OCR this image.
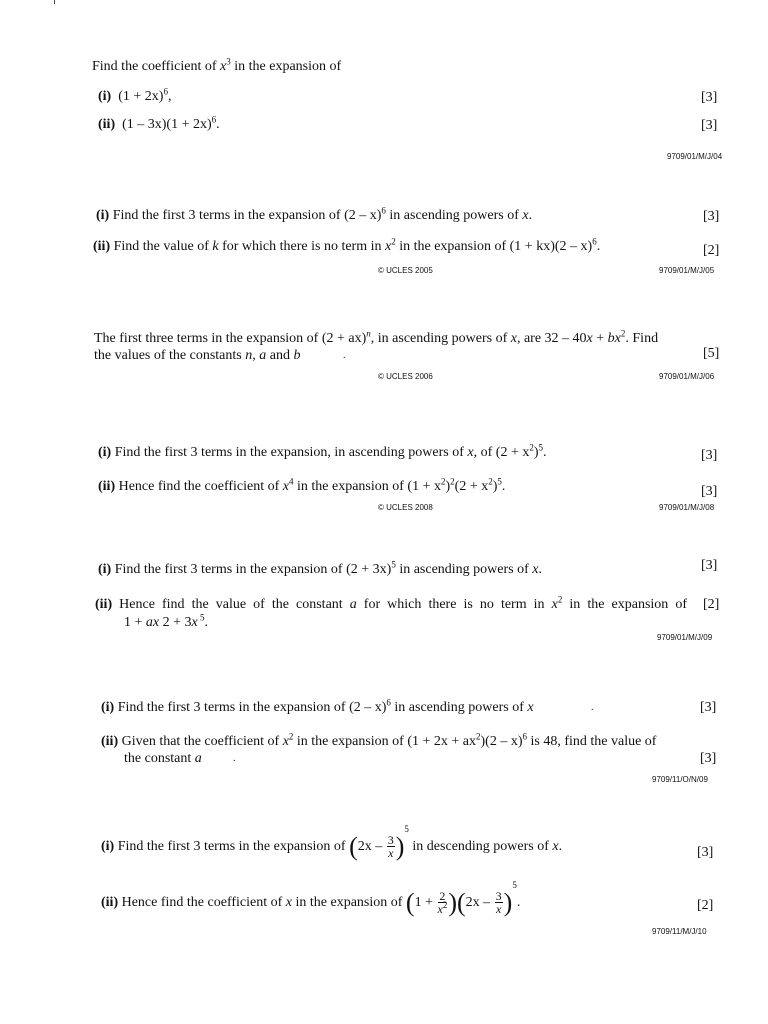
Find the coefficient of $x^3$ in the expansion of
(i) $(1 + 2x)^6$,	[3]
(ii) $(1 - 3x)(1 + 2x)^6$.	[3]
9709/01/M/J/04
(i) Find the first 3 terms in the expansion of (2 – x)$^6$ in ascending powers of x.	[3]
(ii) Find the value of k for which there is no term in $x^2$ in the expansion of (1 + kx)(2 – x)$^6$.	[2]
© UCLES 2005	9709/01/M/J/05
The first three terms in the expansion of (2 + ax)$^n$, in ascending powers of x, are $32 - 40x + bx^2$. Find
the values of the constants n, a and b	.	[5]
© UCLES 2006	9709/01/M/J/06
(i) Find the first 3 terms in the expansion, in ascending powers of x, of $(2 + x^2)^5$.	[3]
(ii) Hence find the coefficient of $x^4$ in the expansion of $(1 + x^2)^2(2 + x^2)^5$.	[3]
© UCLES 2008	9709/01/M/J/08
(i) Find the first 3 terms in the expansion of $(2 + 3x)^5$ in ascending powers of x.	[3]
(ii) Hence find the value of the constant a for which there is no term in $x^2$ in the expansion of [2]
1 + ax 2 + 3x $^5$.
9709/01/M/J/09
(i) Find the first 3 terms in the expansion of (2 – x)$^6$ in ascending powers of x	.	[3]
(ii) Given that the coefficient of $x^2$ in the expansion of $(1 + 2x + ax^2)(2 - x)^6$ is 48, find the value of
the constant a	.	[3]
9709/11/O/N/09
(i) Find the first 3 terms in the expansion of $(2x - \frac{3}{x} )^5$ in descending powers of x.	[3]
(ii) Hence find the coefficient of x in the expansion of $(1 + \frac{2}{x^2} )(2x - \frac{3}{x} )^5$.	[2]
9709/11/M/J/10
